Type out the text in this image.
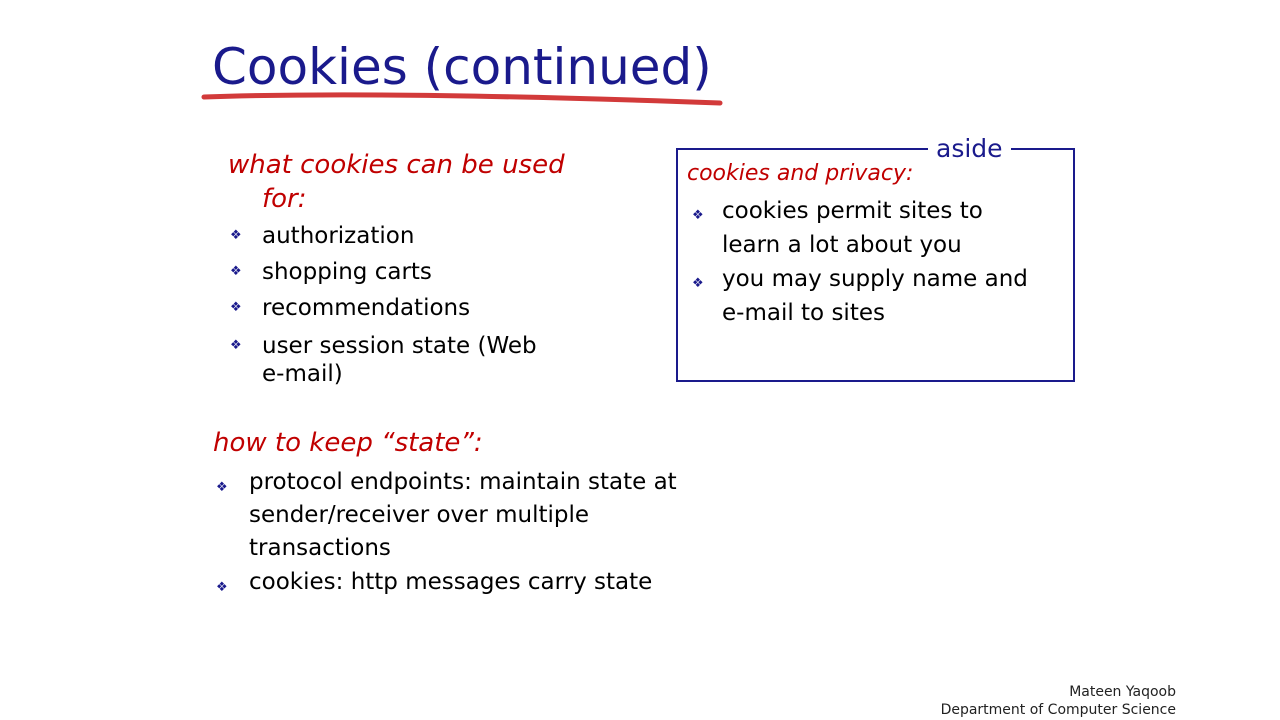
Cookies (continued)
what cookies can be used
for:
❖ authorization
❖ shopping carts
❖ recommendations
❖ user session state (Web
e-mail)
how to keep “state”:
❖ protocol endpoints: maintain state at
sender/receiver over multiple
transactions
❖ cookies: http messages carry state
cookies and privacy:
❖ cookies permit sites to
learn a lot about you
❖ you may supply name and
e-mail to sites
aside
Mateen Yaqoob
Department of Computer Science
